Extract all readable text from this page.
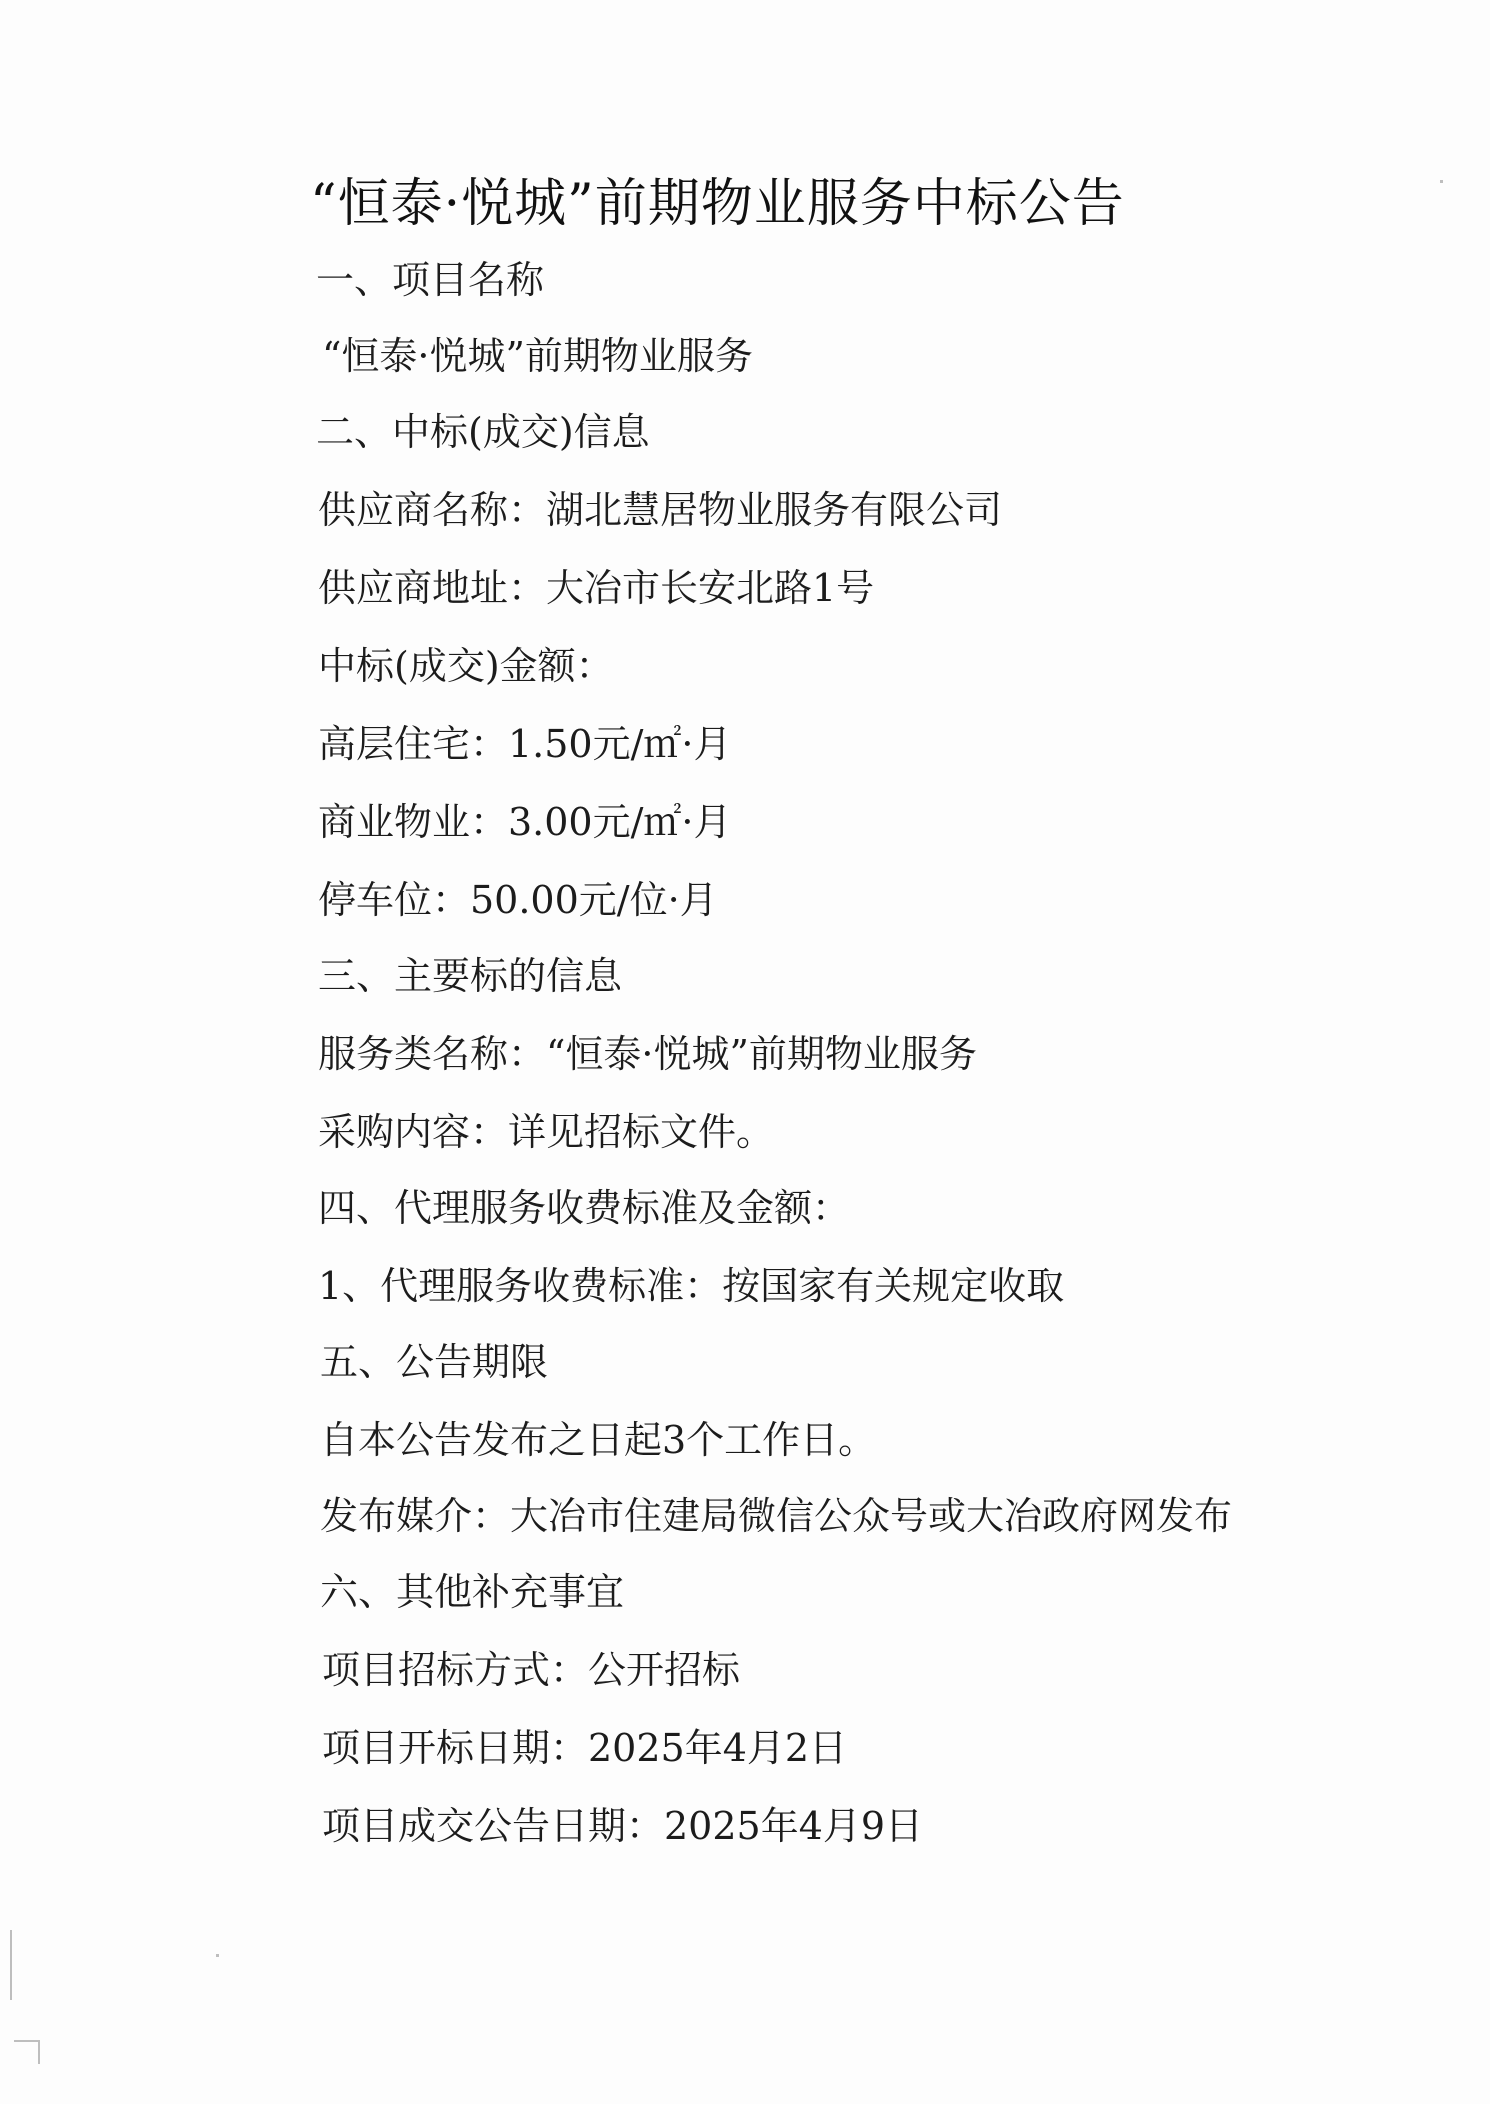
“恒泰·悦城”前期物业服务中标公告
一、项目名称
“恒泰·悦城”前期物业服务
二、中标(成交)信息
供应商名称：湖北慧居物业服务有限公司
供应商地址：大冶市长安北路1号
中标(成交)金额：
高层住宅：1.50元/㎡·月
商业物业：3.00元/㎡·月
停车位：50.00元/位·月
三、主要标的信息
服务类名称：“恒泰·悦城”前期物业服务
采购内容：详见招标文件。
四、代理服务收费标准及金额：
1、代理服务收费标准：按国家有关规定收取
五、公告期限
自本公告发布之日起3个工作日。
发布媒介：大冶市住建局微信公众号或大冶政府网发布
六、其他补充事宜
项目招标方式：公开招标
项目开标日期：2025年4月2日
项目成交公告日期：2025年4月9日
